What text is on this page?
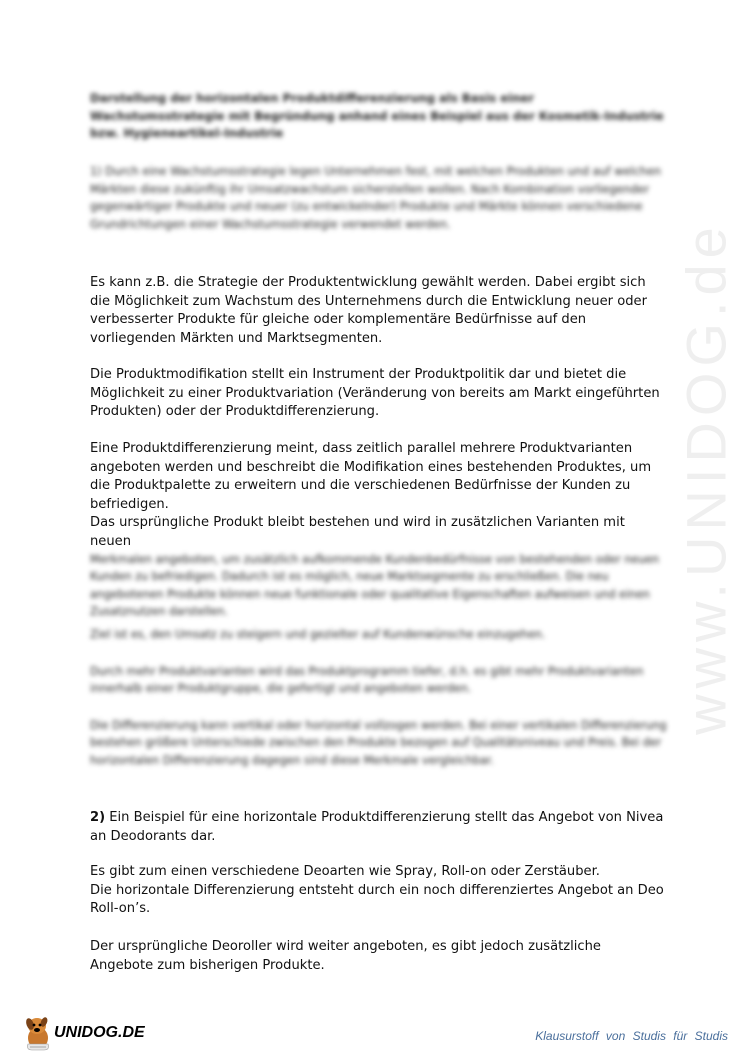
www.UNIDOG.de
Darstellung der horizontalen Produktdifferenzierung als Basis einer Wachstumsstrategie mit Begründung anhand eines Beispiel aus der Kosmetik-Industrie bzw. Hygieneartikel-Industrie
1) Durch eine Wachstumsstrategie legen Unternehmen fest, mit welchen Produkten und auf welchen Märkten diese zukünftig ihr Umsatzwachstum sicherstellen wollen. Nach Kombination vorliegender gegenwärtiger Produkte und neuer (zu entwickelnder) Produkte und Märkte können verschiedene Grundrichtungen einer Wachstumsstrategie verwendet werden.
Es kann z.B. die Strategie der Produktentwicklung gewählt werden. Dabei ergibt sich die Möglichkeit zum Wachstum des Unternehmens durch die Entwicklung neuer oder verbesserter Produkte für gleiche oder komplementäre Bedürfnisse auf den vorliegenden Märkten und Marktsegmenten.
Die Produktmodifikation stellt ein Instrument der Produktpolitik dar und bietet die Möglichkeit zu einer Produktvariation (Veränderung von bereits am Markt eingeführten Produkten) oder der Produktdifferenzierung.
Eine Produktdifferenzierung meint, dass zeitlich parallel mehrere Produktvarianten angeboten werden und beschreibt die Modifikation eines bestehenden Produktes, um die Produktpalette zu erweitern und die verschiedenen Bedürfnisse der Kunden zu befriedigen.

Das ursprüngliche Produkt bleibt bestehen und wird in zusätzlichen Varianten mit neuen

Merkmalen angeboten, um zusätzlich aufkommende Kundenbedürfnisse von bestehenden oder neuen Kunden zu befriedigen. Dadurch ist es möglich, neue Marktsegmente zu erschließen. Die neu angebotenen Produkte können neue funktionale oder qualitative Eigenschaften aufweisen und einen Zusatznutzen darstellen.

Ziel ist es, den Umsatz zu steigern und gezielter auf Kundenwünsche einzugehen.
Durch mehr Produktvarianten wird das Produktprogramm tiefer, d.h. es gibt mehr Produktvarianten innerhalb einer Produktgruppe, die gefertigt und angeboten werden.
Die Differenzierung kann vertikal oder horizontal vollzogen werden. Bei einer vertikalen Differenzierung bestehen größere Unterschiede zwischen den Produkte bezogen auf Qualitätsniveau und Preis. Bei der horizontalen Differenzierung dagegen sind diese Merkmale vergleichbar.
2) Ein Beispiel für eine horizontale Produktdifferenzierung stellt das Angebot von Nivea an Deodorants dar.

Es gibt zum einen verschiedene Deoarten wie Spray, Roll-on oder Zerstäuber.

Die horizontale Differenzierung entsteht durch ein noch differenziertes Angebot an Deo Roll-on’s.

Der ursprüngliche Deoroller wird weiter angeboten, es gibt jedoch zusätzliche Angebote zum bisherigen Produkte.
UNIDOG.DE	Klausurstoff von Studis für Studis
